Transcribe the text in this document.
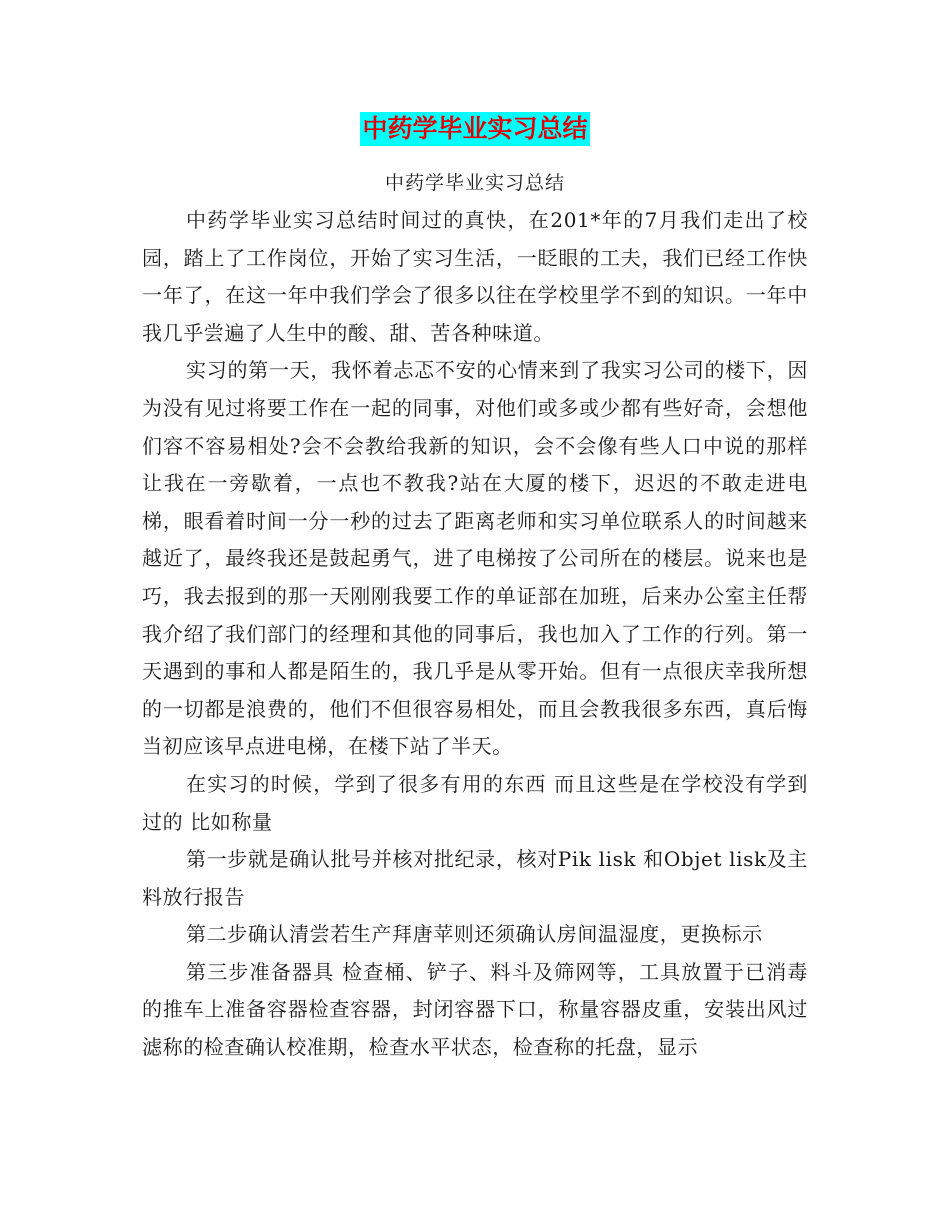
中药学毕业实习总结
中药学毕业实习总结

中药学毕业实习总结时间过的真快，在201*年的7月我们走出了校园，踏上了工作岗位，开始了实习生活，一眨眼的工夫，我们已经工作快一年了，在这一年中我们学会了很多以往在学校里学不到的知识。一年中我几乎尝遍了人生中的酸、甜、苦各种味道。

实习的第一天，我怀着忐忑不安的心情来到了我实习公司的楼下，因为没有见过将要工作在一起的同事，对他们或多或少都有些好奇，会想他们容不容易相处?会不会教给我新的知识，会不会像有些人口中说的那样让我在一旁歇着，一点也不教我?站在大厦的楼下，迟迟的不敢走进电梯，眼看着时间一分一秒的过去了距离老师和实习单位联系人的时间越来越近了，最终我还是鼓起勇气，进了电梯按了公司所在的楼层。说来也是巧，我去报到的那一天刚刚我要工作的单证部在加班，后来办公室主任帮我介绍了我们部门的经理和其他的同事后，我也加入了工作的行列。第一天遇到的事和人都是陌生的，我几乎是从零开始。但有一点很庆幸我所想的一切都是浪费的，他们不但很容易相处，而且会教我很多东西，真后悔当初应该早点进电梯，在楼下站了半天。

在实习的时候，学到了很多有用的东西 而且这些是在学校没有学到过的 比如称量

第一步就是确认批号并核对批纪录，核对Pik lisk 和Objet lisk及主料放行报告

第二步确认清尝若生产拜唐苹则还须确认房间温湿度，更换标示

第三步准备器具 检查桶、铲子、料斗及筛网等，工具放置于已消毒的推车上准备容器检查容器，封闭容器下口，称量容器皮重，安装出风过 滤称的检查确认校准期，检查水平状态，检查称的托盘，显示
